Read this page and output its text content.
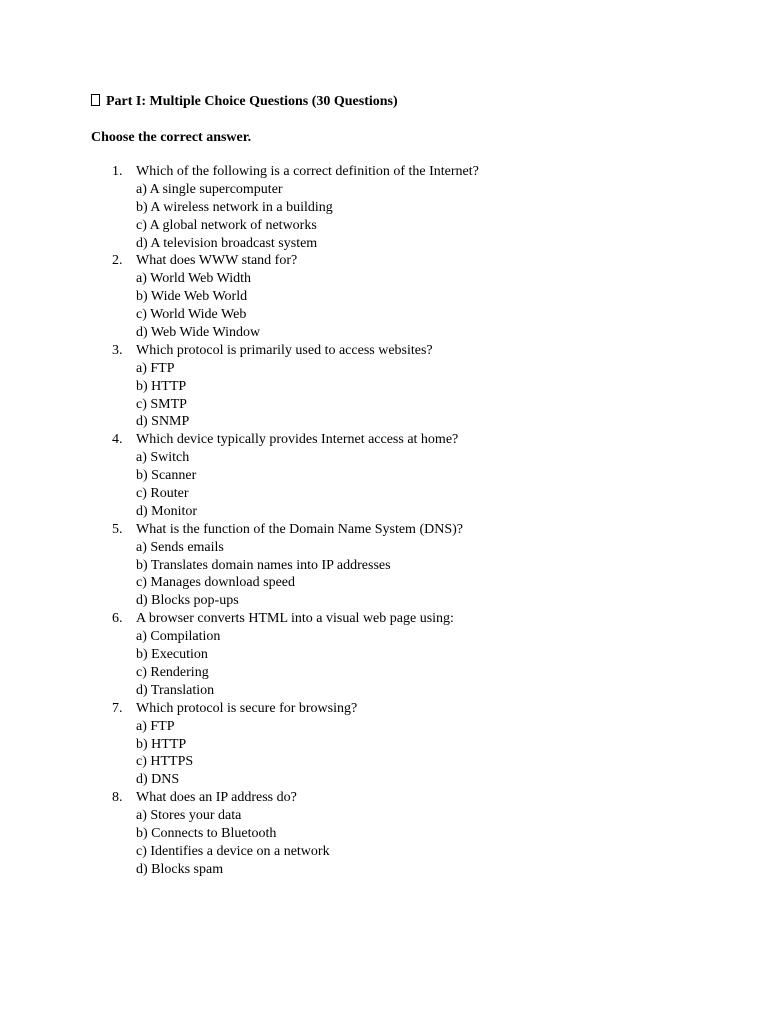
Part I: Multiple Choice Questions (30 Questions)
Choose the correct answer.
1. Which of the following is a correct definition of the Internet?
a) A single supercomputer
b) A wireless network in a building
c) A global network of networks
d) A television broadcast system
2. What does WWW stand for?
a) World Web Width
b) Wide Web World
c) World Wide Web
d) Web Wide Window
3. Which protocol is primarily used to access websites?
a) FTP
b) HTTP
c) SMTP
d) SNMP
4. Which device typically provides Internet access at home?
a) Switch
b) Scanner
c) Router
d) Monitor
5. What is the function of the Domain Name System (DNS)?
a) Sends emails
b) Translates domain names into IP addresses
c) Manages download speed
d) Blocks pop-ups
6. A browser converts HTML into a visual web page using:
a) Compilation
b) Execution
c) Rendering
d) Translation
7. Which protocol is secure for browsing?
a) FTP
b) HTTP
c) HTTPS
d) DNS
8. What does an IP address do?
a) Stores your data
b) Connects to Bluetooth
c) Identifies a device on a network
d) Blocks spam
